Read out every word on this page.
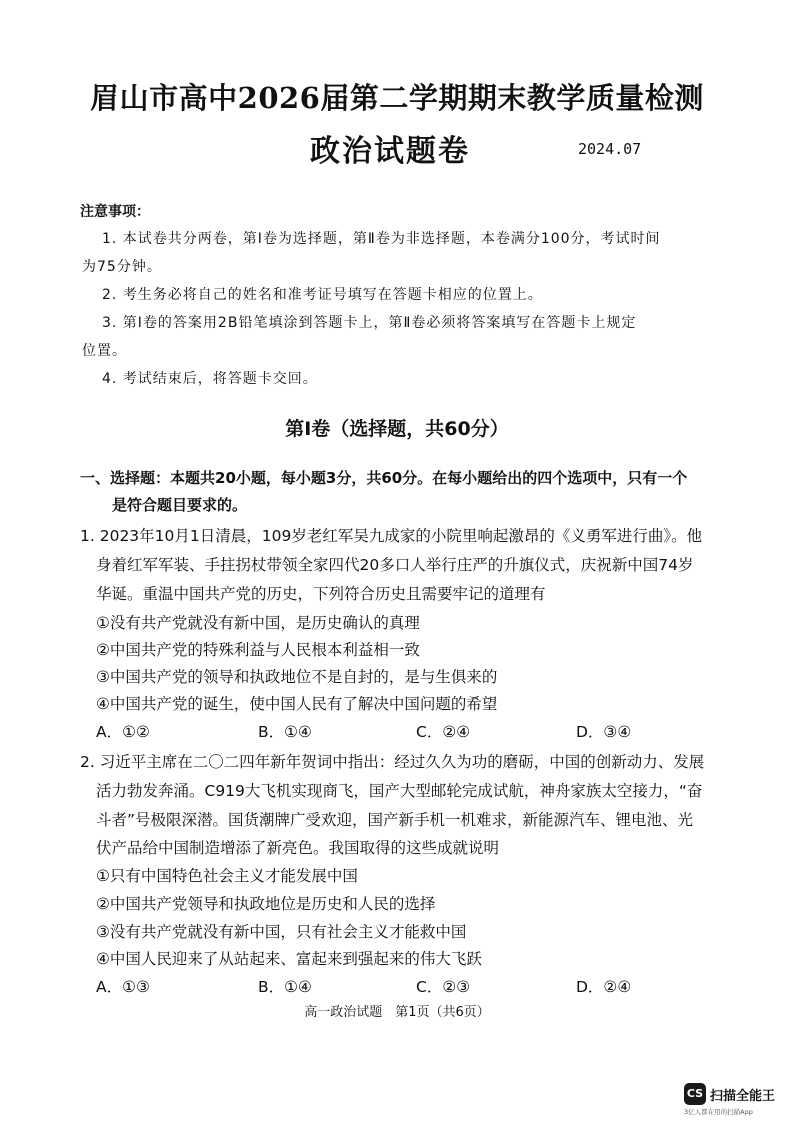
眉山市高中2026届第二学期期末教学质量检测
政治试题卷	2024.07
注意事项：
1. 本试卷共分两卷，第Ⅰ卷为选择题，第Ⅱ卷为非选择题，本卷满分100分，考试时间
为75分钟。
2. 考生务必将自己的姓名和准考证号填写在答题卡相应的位置上。
3. 第Ⅰ卷的答案用2B铅笔填涂到答题卡上，第Ⅱ卷必须将答案填写在答题卡上规定
位置。
4. 考试结束后，将答题卡交回。
第Ⅰ卷（选择题，共60分）
一、选择题：本题共20小题，每小题3分，共60分。在每小题给出的四个选项中，只有一个
是符合题目要求的。
1. 2023年10月1日清晨，109岁老红军吴九成家的小院里响起激昂的《义勇军进行曲》。他
身着红军军装、手拄拐杖带领全家四代20多口人举行庄严的升旗仪式，庆祝新中国74岁
华诞。重温中国共产党的历史，下列符合历史且需要牢记的道理有
①没有共产党就没有新中国，是历史确认的真理
②中国共产党的特殊利益与人民根本利益相一致
③中国共产党的领导和执政地位不是自封的，是与生俱来的
④中国共产党的诞生，使中国人民有了解决中国问题的希望
A．①②	B．①④	C．②④	D．③④
2. 习近平主席在二〇二四年新年贺词中指出：经过久久为功的磨砺，中国的创新动力、发展
活力勃发奔涌。C919大飞机实现商飞，国产大型邮轮完成试航，神舟家族太空接力，“奋
斗者”号极限深潜。国货潮牌广受欢迎，国产新手机一机难求，新能源汽车、锂电池、光
伏产品给中国制造增添了新亮色。我国取得的这些成就说明
①只有中国特色社会主义才能发展中国
②中国共产党领导和执政地位是历史和人民的选择
③没有共产党就没有新中国，只有社会主义才能救中国
④中国人民迎来了从站起来、富起来到强起来的伟大飞跃
A．①③	B．①④	C．②③	D．②④
高一政治试题　第1页（共6页）
CS 扫描全能王
3亿人都在用的扫描App
